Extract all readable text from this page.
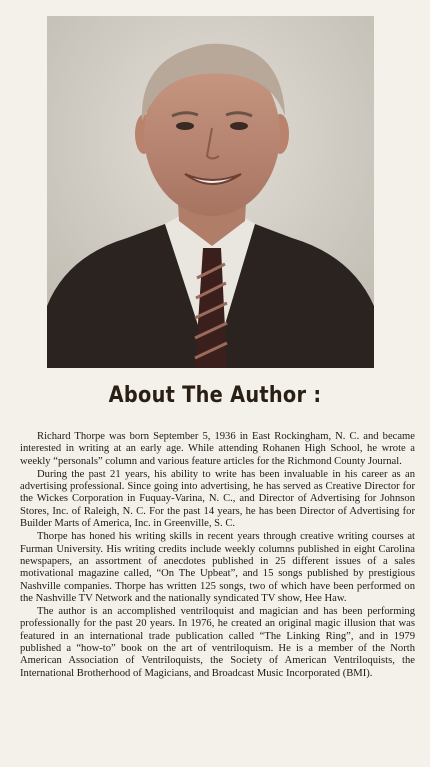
About The Author :

Richard Thorpe was born September 5, 1936 in East Rockingham, N. C. and became interested in writing at an early age. While attending Rohanen High School, he wrote a weekly “personals” column and various feature articles for the Richmond County Journal.

During the past 21 years, his ability to write has been invaluable in his career as an advertising professional. Since going into advertising, he has served as Creative Director for the Wickes Corporation in Fuquay-Varina, N. C., and Director of Advertising for Johnson Stores, Inc. of Raleigh, N. C. For the past 14 years, he has been Director of Advertising for Builder Marts of America, Inc. in Greenville, S. C.

Thorpe has honed his writing skills in recent years through creative writing courses at Furman University. His writing credits include weekly columns published in eight Carolina newspapers, an assortment of anecdotes published in 25 different issues of a sales motivational magazine called, “On The Upbeat”, and 15 songs published by prestigious Nashville companies. Thorpe has written 125 songs, two of which have been performed on the Nashville TV Network and the nationally syndicated TV show, Hee Haw.

The author is an accomplished ventriloquist and magician and has been performing professionally for the past 20 years. In 1976, he created an original magic illusion that was featured in an international trade publication called “The Linking Ring”, and in 1979 published a “how-to” book on the art of ventriloquism. He is a member of the North American Association of Ventriloquists, the Society of American Ventriloquists, the International Brotherhood of Magicians, and Broadcast Music Incorporated (BMI).
